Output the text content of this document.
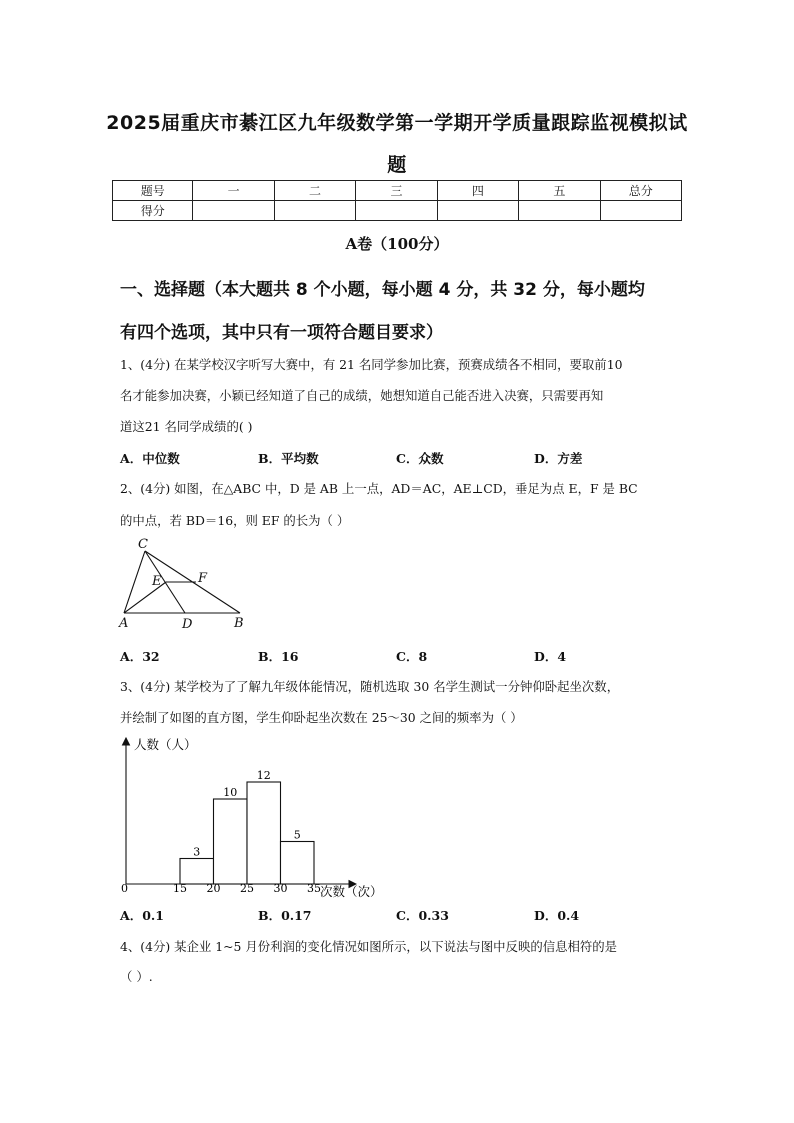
2025届重庆市綦江区九年级数学第一学期开学质量跟踪监视模拟试
题
题号	一	二	三	四	五	总分
得分						
A卷（100分）
一、选择题（本大题共 8 个小题，每小题 4 分，共 32 分，每小题均
有四个选项，其中只有一项符合题目要求）
1、(4分) 在某学校汉字听写大赛中，有 21 名同学参加比赛，预赛成绩各不相同，要取前10
名才能参加决赛，小颖已经知道了自己的成绩，她想知道自己能否进入决赛，只需要再知
道这21 名同学成绩的( )
A．中位数	B．平均数	C．众数	D．方差
2、(4分) 如图，在△ABC 中，D 是 AB 上一点，AD＝AC，AE⊥CD，垂足为点 E，F 是 BC
的中点，若 BD＝16，则 EF 的长为（ ）
C
E	F
A	D	B
A．32	B．16	C．8	D．4
3、(4分) 某学校为了了解九年级体能情况，随机选取 30 名学生测试一分钟仰卧起坐次数，
并绘制了如图的直方图，学生仰卧起坐次数在 25～30 之间的频率为（ ）
人数（人）
次数（次）
0
3
10
12
5
15 20 25 30 35
A．0.1	B．0.17	C．0.33	D．0.4
4、(4分) 某企业 1~5 月份利润的变化情况如图所示，以下说法与图中反映的信息相符的是
（ ）.
